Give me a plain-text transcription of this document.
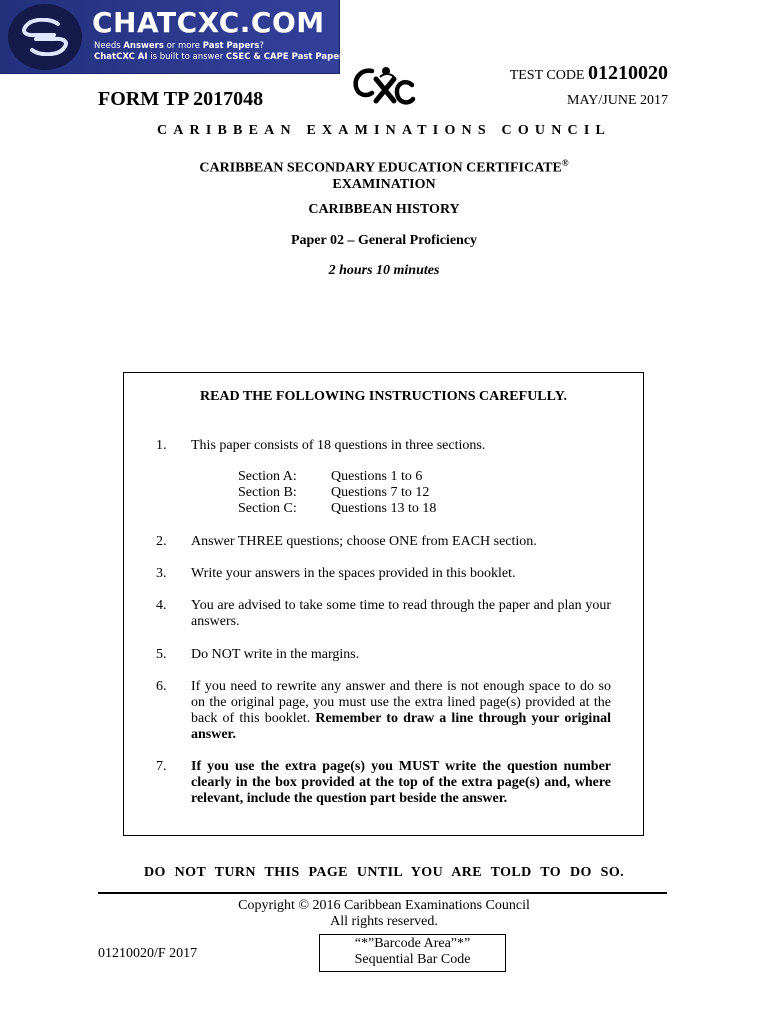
CHATCXC.COM
Needs Answers or more Past Papers?
ChatCXC AI is built to answer CSEC & CAPE Past Papers.
TEST CODE 01210020
FORM TP 2017048	MAY/JUNE 2017
CARIBBEAN EXAMINATIONS COUNCIL
CARIBBEAN SECONDARY EDUCATION CERTIFICATE®
EXAMINATION
CARIBBEAN HISTORY
Paper 02 – General Proficiency
2 hours 10 minutes
READ THE FOLLOWING INSTRUCTIONS CAREFULLY.
1. This paper consists of 18 questions in three sections.
Section A: Questions 1 to 6
Section B: Questions 7 to 12
Section C: Questions 13 to 18
2. Answer THREE questions; choose ONE from EACH section.
3. Write your answers in the spaces provided in this booklet.
4. You are advised to take some time to read through the paper and plan your answers.
5. Do NOT write in the margins.
6. If you need to rewrite any answer and there is not enough space to do so on the original page, you must use the extra lined page(s) provided at the back of this booklet. Remember to draw a line through your original answer.
7. If you use the extra page(s) you MUST write the question number clearly in the box provided at the top of the extra page(s) and, where relevant, include the question part beside the answer.
DO NOT TURN THIS PAGE UNTIL YOU ARE TOLD TO DO SO.
Copyright © 2016 Caribbean Examinations Council
All rights reserved.
01210020/F 2017
“*”Barcode Area”*”
Sequential Bar Code
